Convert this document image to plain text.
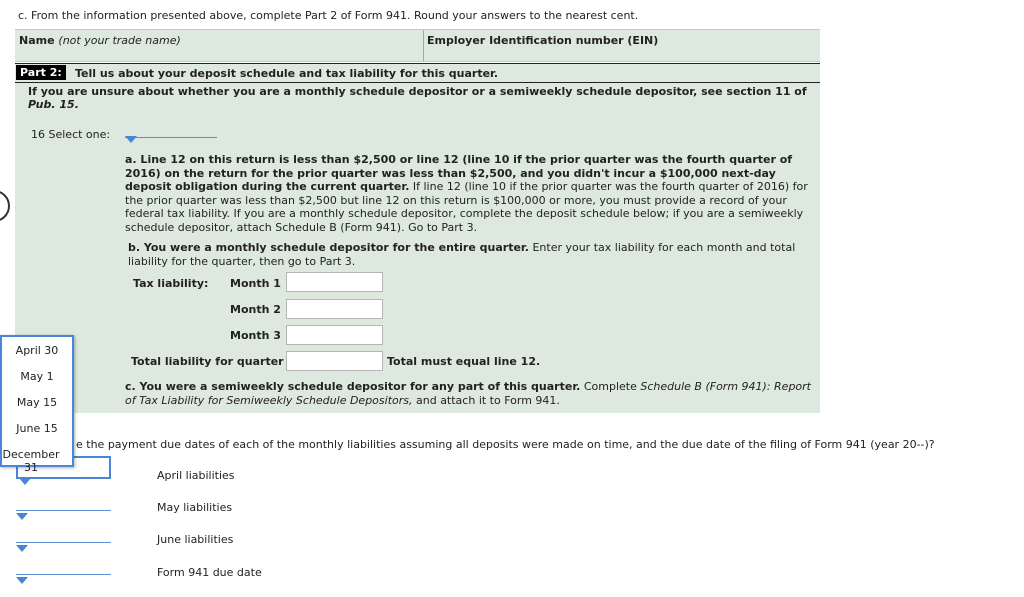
c. From the information presented above, complete Part 2 of Form 941. Round your answers to the nearest cent.
Name (not your trade name)	Employer Identification number (EIN)
Part 2:	Tell us about your deposit schedule and tax liability for this quarter.
If you are unsure about whether you are a monthly schedule depositor or a semiweekly schedule depositor, see section 11 of Pub. 15.
16 Select one:
a. Line 12 on this return is less than $2,500 or line 12 (line 10 if the prior quarter was the fourth quarter of 2016) on the return for the prior quarter was less than $2,500, and you didn't incur a $100,000 next-day deposit obligation during the current quarter. If line 12 (line 10 if the prior quarter was the fourth quarter of 2016) for the prior quarter was less than $2,500 but line 12 on this return is $100,000 or more, you must provide a record of your federal tax liability. If you are a monthly schedule depositor, complete the deposit schedule below; if you are a semiweekly schedule depositor, attach Schedule B (Form 941). Go to Part 3.
b. You were a monthly schedule depositor for the entire quarter. Enter your tax liability for each month and total liability for the quarter, then go to Part 3.
Tax liability: Month 1
Month 2
Month 3
Total liability for quarter	Total must equal line 12.
c. You were a semiweekly schedule depositor for any part of this quarter. Complete Schedule B (Form 941): Report of Tax Liability for Semiweekly Schedule Depositors, and attach it to Form 941.
e the payment due dates of each of the monthly liabilities assuming all deposits were made on time, and the due date of the filing of Form 941 (year 20--)?
April liabilities
May liabilities
June liabilities
Form 941 due date
April 30
May 1
May 15
June 15
December 31
